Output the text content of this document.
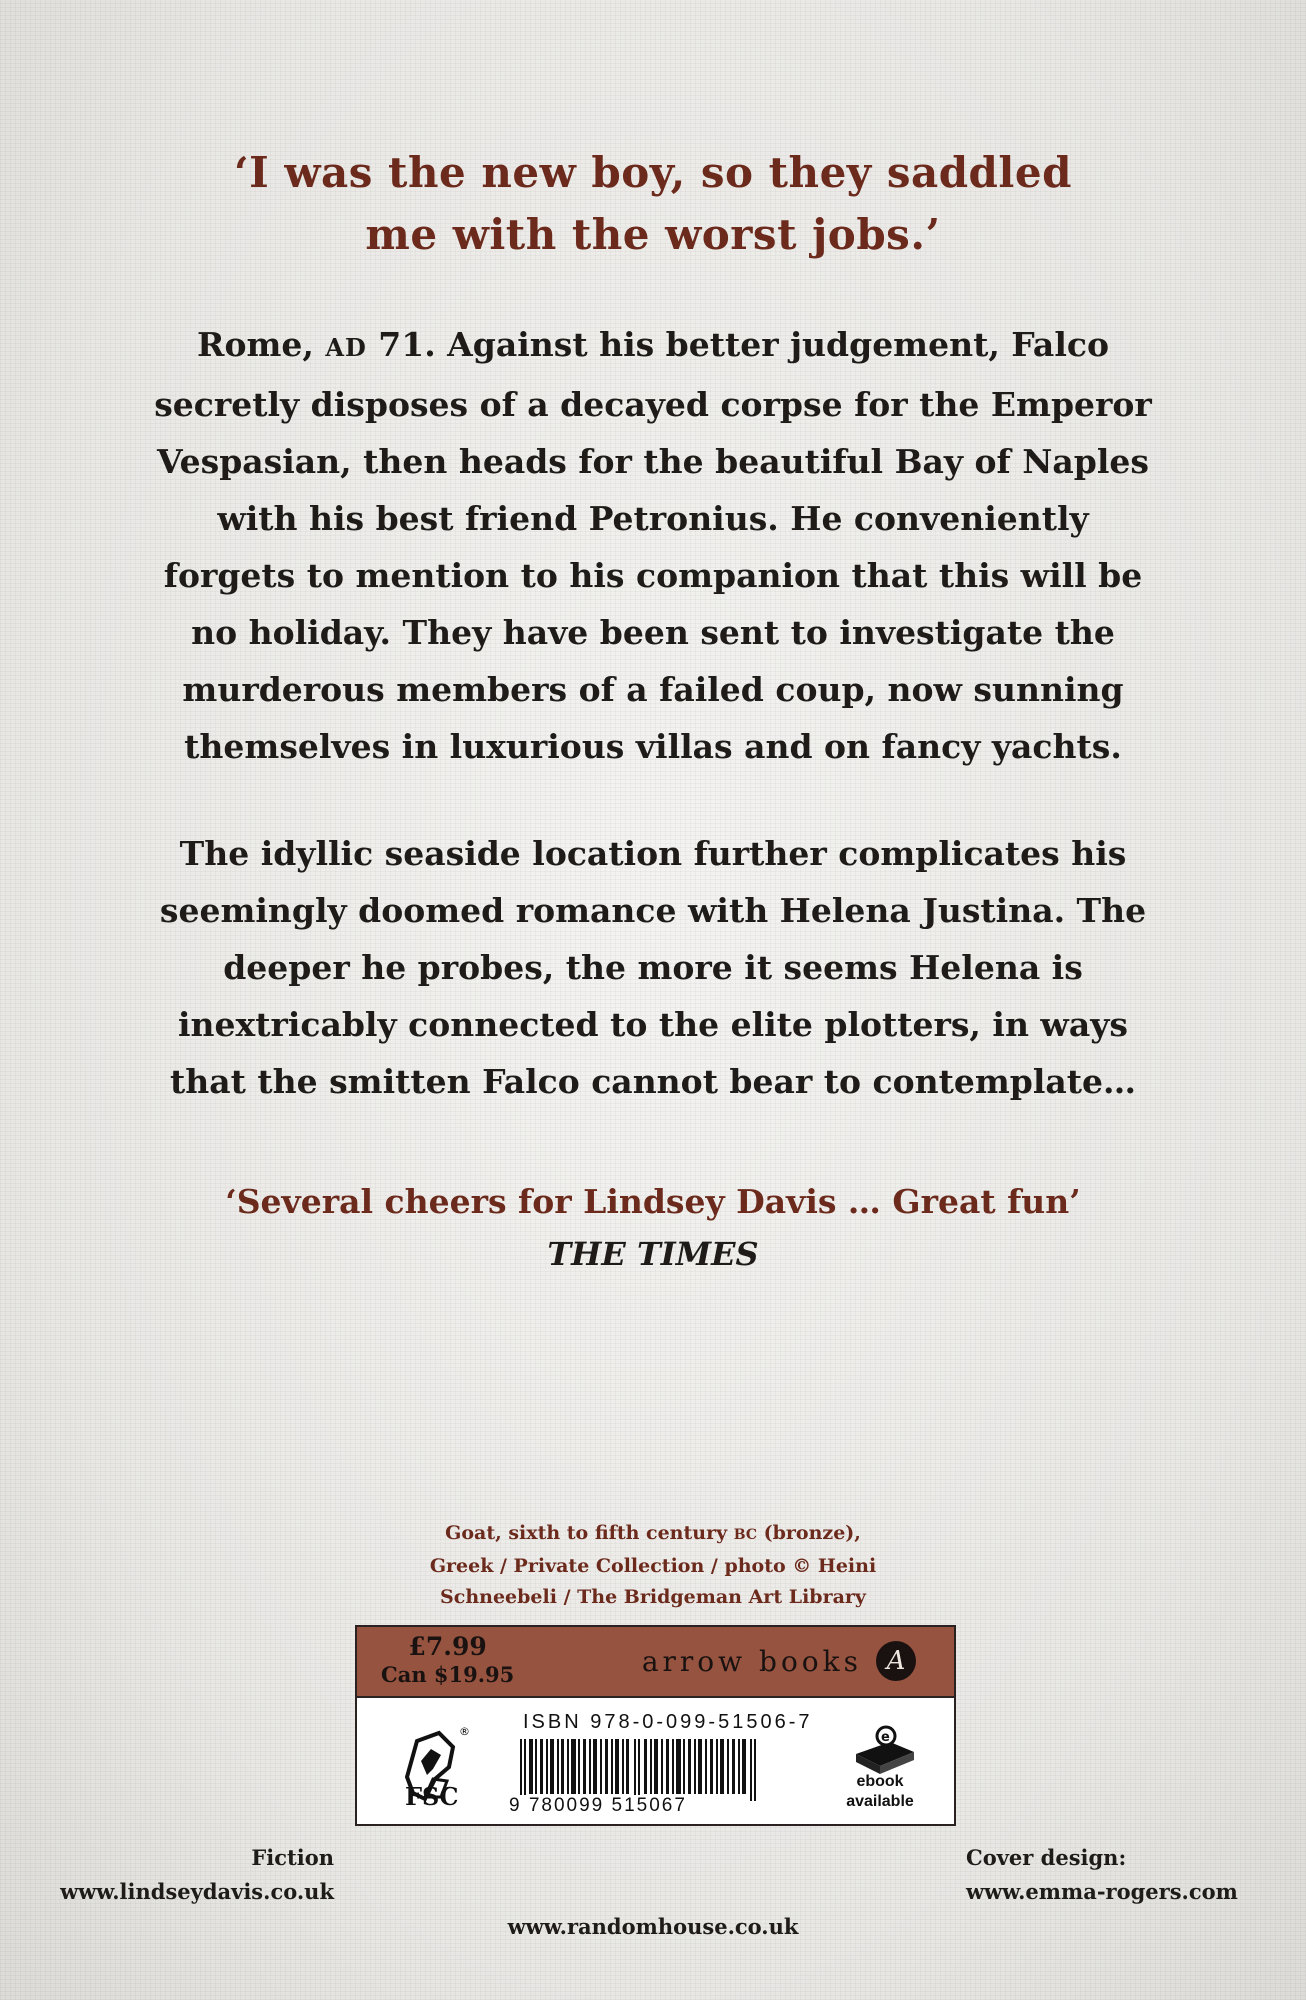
‘I was the new boy, so they saddled
me with the worst jobs.’
Rome, AD 71. Against his better judgement, Falco secretly disposes of a decayed corpse for the Emperor Vespasian, then heads for the beautiful Bay of Naples with his best friend Petronius. He conveniently forgets to mention to his companion that this will be no holiday. They have been sent to investigate the murderous members of a failed coup, now sunning themselves in luxurious villas and on fancy yachts.
The idyllic seaside location further complicates his seemingly doomed romance with Helena Justina. The deeper he probes, the more it seems Helena is inextricably connected to the elite plotters, in ways that the smitten Falco cannot bear to contemplate…
‘Several cheers for Lindsey Davis … Great fun’
THE TIMES
Goat, sixth to fifth century BC (bronze),
Greek / Private Collection / photo © Heini
Schneebeli / The Bridgeman Art Library
£7.99
Can $19.95	arrow books A
®
FSC
ISBN 978-0-099-51506-7
9 780099 515067
e
ebook
available
Fiction
www.lindseydavis.co.uk
Cover design:
www.emma-rogers.com
www.randomhouse.co.uk
